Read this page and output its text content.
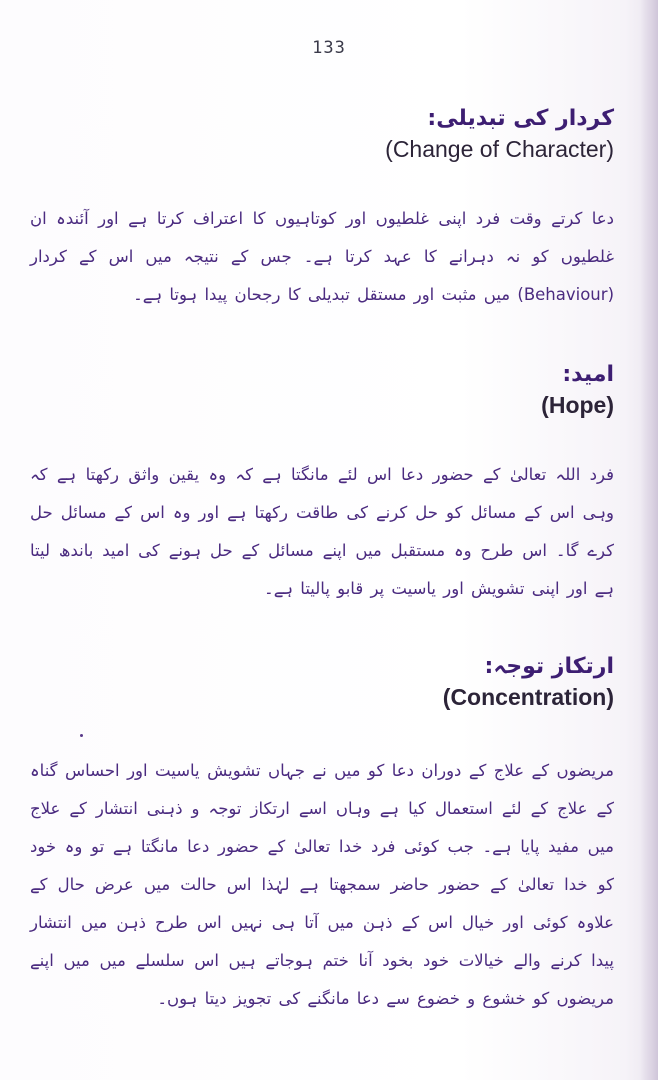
133

کردار کی تبدیلی:

(Change of Character)

دعا کرتے وقت فرد اپنی غلطیوں اور کوتاہیوں کا اعتراف کرتا ہے اور آئندہ ان غلطیوں کو نہ دہرانے کا عہد کرتا ہے۔ جس کے نتیجہ میں اس کے کردار (Behaviour) میں مثبت اور مستقل تبدیلی کا رجحان پیدا ہوتا ہے۔

امید:

(Hope)

فرد اللہ تعالیٰ کے حضور دعا اس لئے مانگتا ہے کہ وہ یقین واثق رکھتا ہے کہ وہی اس کے مسائل کو حل کرنے کی طاقت رکھتا ہے اور وہ اس کے مسائل حل کرے گا۔ اس طرح وہ مستقبل میں اپنے مسائل کے حل ہونے کی امید باندھ لیتا ہے اور اپنی تشویش اور یاسیت پر قابو پالیتا ہے۔

ارتکاز توجہ:

(Concentration)

مریضوں کے علاج کے دوران دعا کو میں نے جہاں تشویش یاسیت اور احساس گناہ کے علاج کے لئے استعمال کیا ہے وہاں اسے ارتکاز توجہ و ذہنی انتشار کے علاج میں مفید پایا ہے۔ جب کوئی فرد خدا تعالیٰ کے حضور دعا مانگتا ہے تو وہ خود کو خدا تعالیٰ کے حضور حاضر سمجھتا ہے لہٰذا اس حالت میں عرض حال کے علاوہ کوئی اور خیال اس کے ذہن میں آتا ہی نہیں اس طرح ذہن میں انتشار پیدا کرنے والے خیالات خود بخود آنا ختم ہوجاتے ہیں اس سلسلے میں میں اپنے مریضوں کو خشوع و خضوع سے دعا مانگنے کی تجویز دیتا ہوں۔
